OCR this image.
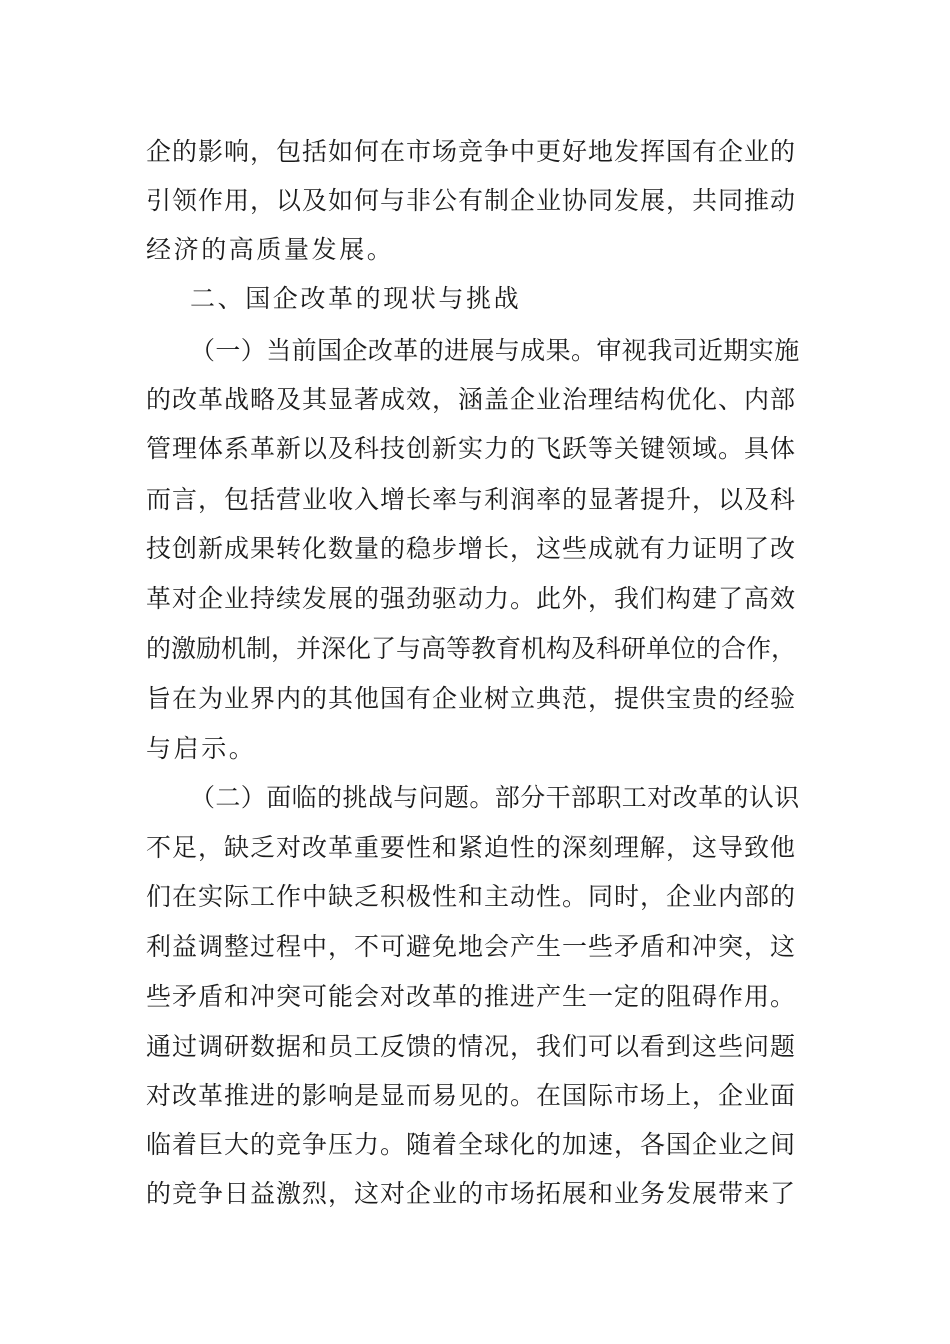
企的影响，包括如何在市场竞争中更好地发挥国有企业的
引领作用，以及如何与非公有制企业协同发展，共同推动
经济的高质量发展。
二、国企改革的现状与挑战
（一）当前国企改革的进展与成果。审视我司近期实施
的改革战略及其显著成效，涵盖企业治理结构优化、内部
管理体系革新以及科技创新实力的飞跃等关键领域。具体
而言，包括营业收入增长率与利润率的显著提升，以及科
技创新成果转化数量的稳步增长，这些成就有力证明了改
革对企业持续发展的强劲驱动力。此外，我们构建了高效
的激励机制，并深化了与高等教育机构及科研单位的合作，
旨在为业界内的其他国有企业树立典范，提供宝贵的经验
与启示。
（二）面临的挑战与问题。部分干部职工对改革的认识
不足，缺乏对改革重要性和紧迫性的深刻理解，这导致他
们在实际工作中缺乏积极性和主动性。同时，企业内部的
利益调整过程中，不可避免地会产生一些矛盾和冲突，这
些矛盾和冲突可能会对改革的推进产生一定的阻碍作用。
通过调研数据和员工反馈的情况，我们可以看到这些问题
对改革推进的影响是显而易见的。在国际市场上，企业面
临着巨大的竞争压力。随着全球化的加速，各国企业之间
的竞争日益激烈，这对企业的市场拓展和业务发展带来了
